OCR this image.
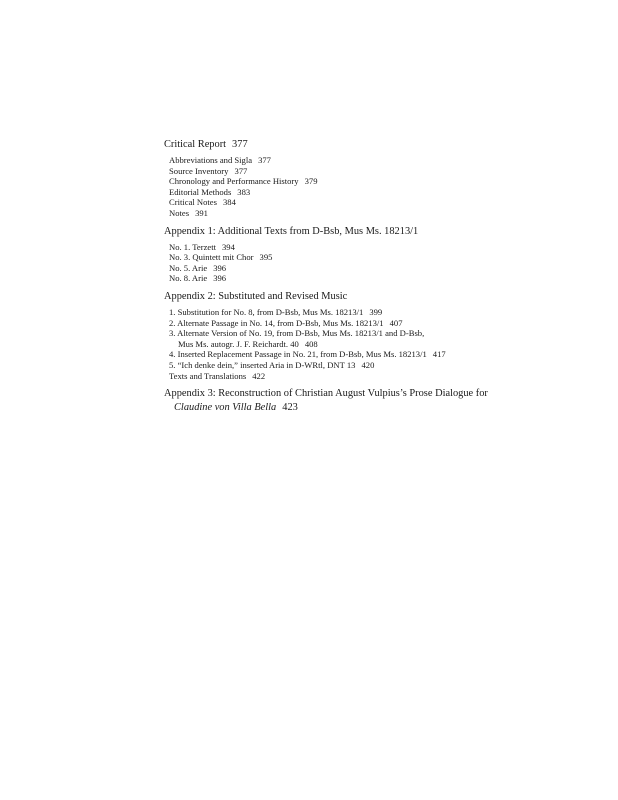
Critical Report 377
Abbreviations and Sigla 377
Source Inventory 377
Chronology and Performance History 379
Editorial Methods 383
Critical Notes 384
Notes 391
Appendix 1: Additional Texts from D-Bsb, Mus Ms. 18213/1
No. 1. Terzett 394
No. 3. Quintett mit Chor 395
No. 5. Arie 396
No. 8. Arie 396
Appendix 2: Substituted and Revised Music
1. Substitution for No. 8, from D-Bsb, Mus Ms. 18213/1 399
2. Alternate Passage in No. 14, from D-Bsb, Mus Ms. 18213/1 407
3. Alternate Version of No. 19, from D-Bsb, Mus Ms. 18213/1 and D-Bsb,
Mus Ms. autogr. J. F. Reichardt. 40 408
4. Inserted Replacement Passage in No. 21, from D-Bsb, Mus Ms. 18213/1 417
5. “Ich denke dein,” inserted Aria in D-WRtl, DNT 13 420
Texts and Translations 422
Appendix 3: Reconstruction of Christian August Vulpius’s Prose Dialogue for
Claudine von Villa Bella 423
